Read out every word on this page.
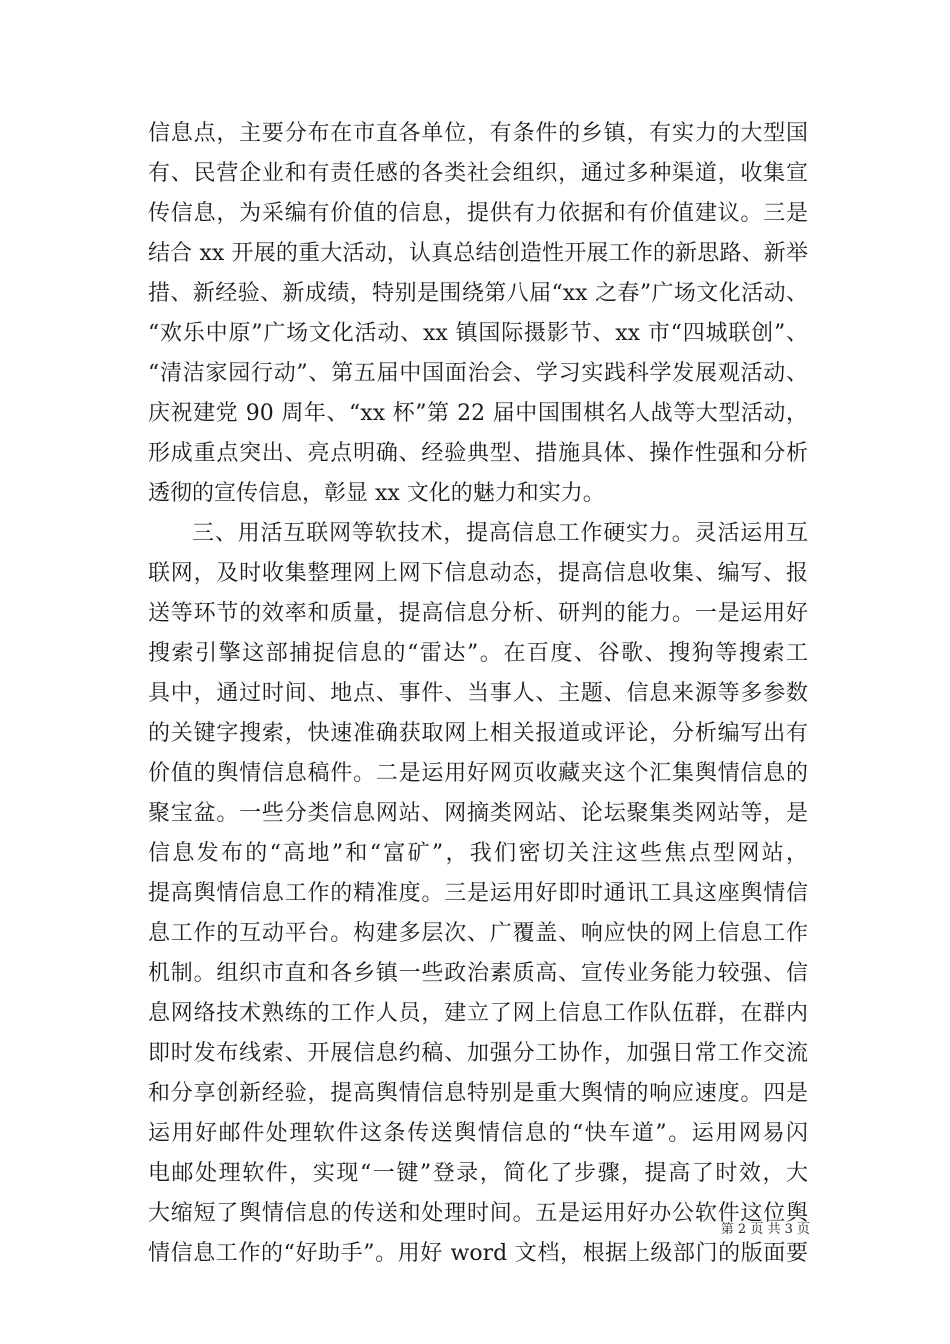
信息点，主要分布在市直各单位，有条件的乡镇，有实力的大型国
有、民营企业和有责任感的各类社会组织，通过多种渠道，收集宣
传信息，为采编有价值的信息，提供有力依据和有价值建议。三是
结合 xx 开展的重大活动，认真总结创造性开展工作的新思路、新举
措、新经验、新成绩，特别是围绕第八届“xx 之春”广场文化活动、
“欢乐中原”广场文化活动、xx 镇国际摄影节、xx 市“四城联创”、
“清洁家园行动”、第五届中国面治会、学习实践科学发展观活动、
庆祝建党 90 周年、“xx 杯”第 22 届中国围棋名人战等大型活动，
形成重点突出、亮点明确、经验典型、措施具体、操作性强和分析
透彻的宣传信息，彰显 xx 文化的魅力和实力。
三、用活互联网等软技术，提高信息工作硬实力。灵活运用互
联网，及时收集整理网上网下信息动态，提高信息收集、编写、报
送等环节的效率和质量，提高信息分析、研判的能力。一是运用好
搜索引擎这部捕捉信息的“雷达”。在百度、谷歌、搜狗等搜索工
具中，通过时间、地点、事件、当事人、主题、信息来源等多参数
的关键字搜索，快速准确获取网上相关报道或评论，分析编写出有
价值的舆情信息稿件。二是运用好网页收藏夹这个汇集舆情信息的
聚宝盆。一些分类信息网站、网摘类网站、论坛聚集类网站等，是
信息发布的“高地”和“富矿”，我们密切关注这些焦点型网站，
提高舆情信息工作的精准度。三是运用好即时通讯工具这座舆情信
息工作的互动平台。构建多层次、广覆盖、响应快的网上信息工作
机制。组织市直和各乡镇一些政治素质高、宣传业务能力较强、信
息网络技术熟练的工作人员，建立了网上信息工作队伍群，在群内
即时发布线索、开展信息约稿、加强分工协作，加强日常工作交流
和分享创新经验，提高舆情信息特别是重大舆情的响应速度。四是
运用好邮件处理软件这条传送舆情信息的“快车道”。运用网易闪
电邮处理软件，实现“一键”登录，简化了步骤，提高了时效，大
大缩短了舆情信息的传送和处理时间。五是运用好办公软件这位舆
情信息工作的“好助手”。用好 word 文档，根据上级部门的版面要
第 2 页 共 3 页
